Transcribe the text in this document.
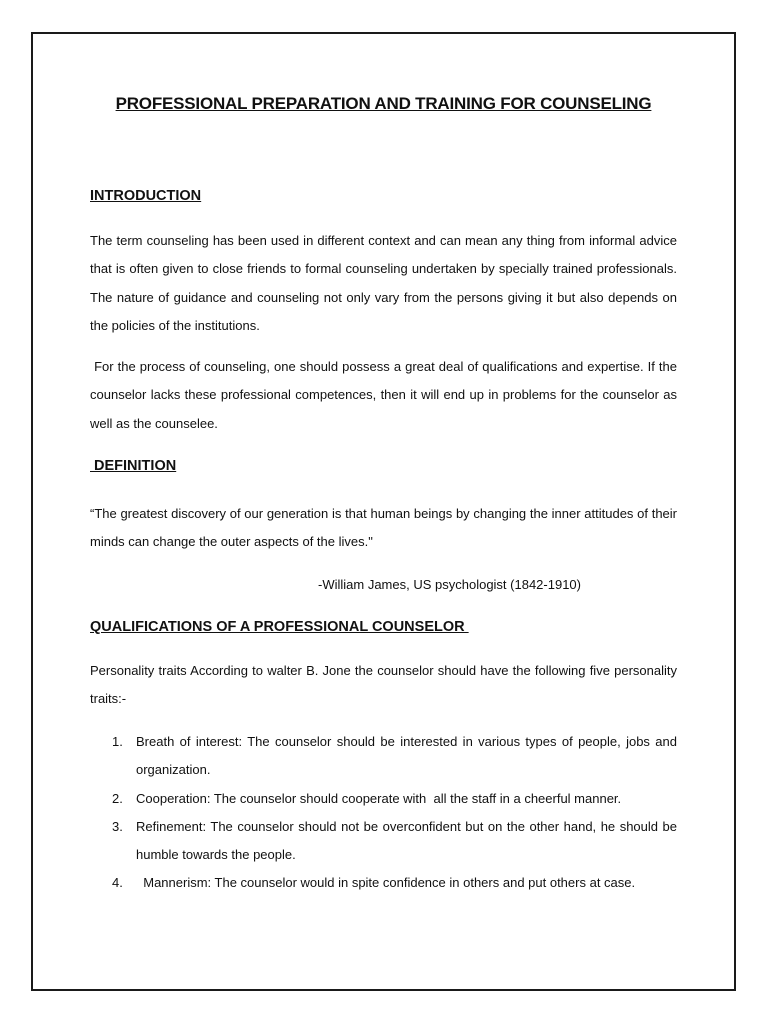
PROFESSIONAL PREPARATION AND TRAINING FOR COUNSELING
INTRODUCTION

The term counseling has been used in different context and can mean any thing from informal advice that is often given to close friends to formal counseling undertaken by specially trained professionals. The nature of guidance and counseling not only vary from the persons giving it but also depends on the policies of the institutions.

For the process of counseling, one should possess a great deal of qualifications and expertise. If the counselor lacks these professional competences, then it will end up in problems for the counselor as well as the counselee.

DEFINITION

“The greatest discovery of our generation is that human beings by changing the inner attitudes of their minds can change the outer aspects of the lives."

-William James, US psychologist (1842-1910)
QUALIFICATIONS OF A PROFESSIONAL COUNSELOR

Personality traits According to walter B. Jone the counselor should have the following five personality traits:-

1. Breath of interest: The counselor should be interested in various types of people, jobs and organization.
2. Cooperation: The counselor should cooperate with  all the staff in a cheerful manner.
3. Refinement: The counselor should not be overconfident but on the other hand, he should be humble towards the people.
4. Mannerism: The counselor would in spite confidence in others and put others at case.
